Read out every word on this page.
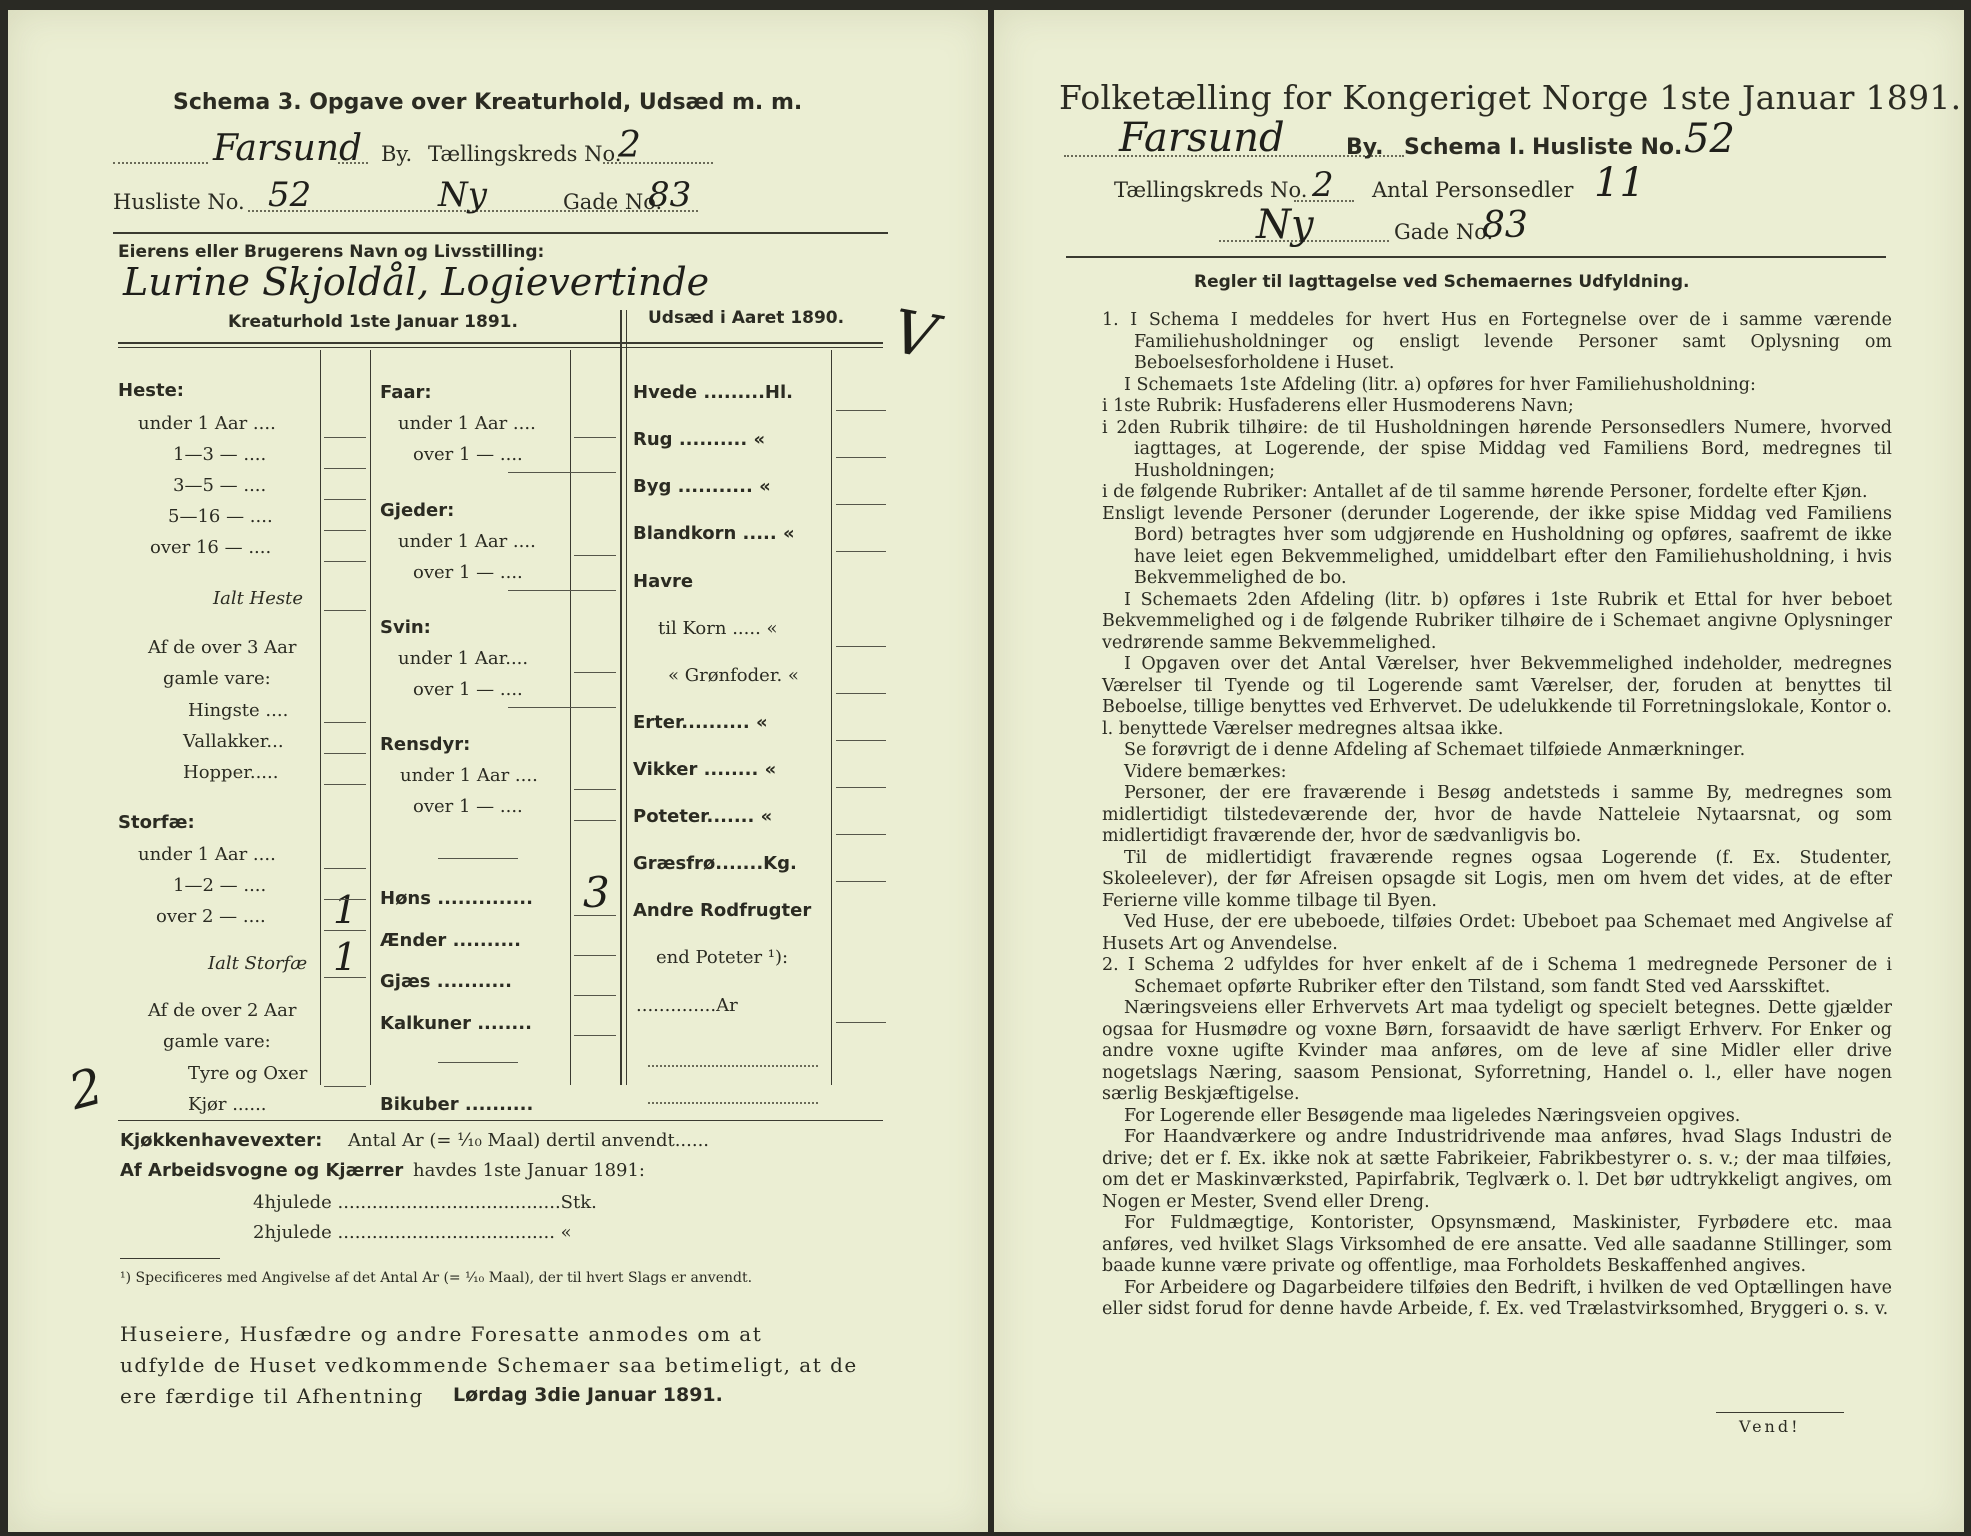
Schema 3. Opgave over Kreaturhold, Udsæd m. m.
Farsund By. Tællingskreds No.
2
Husliste No. 52	Ny	Gade No.
83
Eierens eller Brugerens Navn og Livsstilling:
Lurine Skjoldål, Logievertinde
Kreaturhold 1ste Januar 1891.	Udsæd i Aaret 1890. V
Heste:
under 1 Aar ....
1—3 — ....
3—5 — ....
5—16 — ....
over 16 — ....
Ialt Heste
Af de over 3 Aar
gamle vare:
Hingste ....
Vallakker...
Hopper.....
Storfæ:
under 1 Aar ....
1—2 — ....
over 2 — .... 1
Ialt Storfæ 1
Af de over 2 Aar
gamle vare:
Tyre og Oxer
Kjør ......
2
Faar:
under 1 Aar ....
over 1 — ....
Gjeder:
under 1 Aar ....
over 1 — ....
Svin:
under 1 Aar....
over 1 — ....
Rensdyr:
under 1 Aar ....
over 1 — ....
Høns .............. 3
Ænder ..........
Gjæs ...........
Kalkuner ........
Bikuber ..........
Hvede .........Hl.
Rug .......... «
Byg ........... «
Blandkorn ..... «
Havre
til Korn ..... «
« Grønfoder. «
Erter.......... «
Vikker ........ «
Poteter....... «
Græsfrø.......Kg.
Andre Rodfrugter
end Poteter ¹):
..............Ar
Kjøkkenhavevexter: Antal Ar (= ¹⁄₁₀ Maal) dertil anvendt......
Af Arbeidsvogne og Kjærrer havdes 1ste Januar 1891:
4hjulede .......................................Stk.
2hjulede ...................................... «
¹) Specificeres med Angivelse af det Antal Ar (= ¹⁄₁₀ Maal), der til hvert Slags er anvendt.
Huseiere, Husfædre og andre Foresatte anmodes om at
udfylde de Huset vedkommende Schemaer saa betimeligt, at de
ere færdige til Afhentning Lørdag 3die Januar 1891.
Folketælling for Kongeriget Norge 1ste Januar 1891.
Farsund	By. Schema I. Husliste No. 52
Tællingskreds No. 2 Antal Personsedler 11
Ny	Gade No.
83
Regler til Iagttagelse ved Schemaernes Udfyldning.

1. I Schema I meddeles for hvert Hus en Fortegnelse over de i samme værende Familiehusholdninger og ensligt levende Personer samt Oplysning om Beboelsesforholdene i Huset.

I Schemaets 1ste Afdeling (litr. a) opføres for hver Familiehusholdning:

i 1ste Rubrik: Husfaderens eller Husmoderens Navn;

i 2den Rubrik tilhøire: de til Husholdningen hørende Personsedlers Numere, hvorved iagttages, at Logerende, der spise Middag ved Familiens Bord, medregnes til Husholdningen;

i de følgende Rubriker: Antallet af de til samme hørende Personer, fordelte efter Kjøn.

Ensligt levende Personer (derunder Logerende, der ikke spise Middag ved Familiens Bord) betragtes hver som udgjørende en Husholdning og opføres, saafremt de ikke have leiet egen Bekvemmelighed, umiddelbart efter den Familiehusholdning, i hvis Bekvemmelighed de bo.

I Schemaets 2den Afdeling (litr. b) opføres i 1ste Rubrik et Ettal for hver beboet Bekvemmelighed og i de følgende Rubriker tilhøire de i Schemaet angivne Oplysninger vedrørende samme Bekvemmelighed.

I Opgaven over det Antal Værelser, hver Bekvemmelighed indeholder, medregnes Værelser til Tyende og til Logerende samt Værelser, der, foruden at benyttes til Beboelse, tillige benyttes ved Erhvervet. De udelukkende til Forretningslokale, Kontor o. l. benyttede Værelser medregnes altsaa ikke.

Se forøvrigt de i denne Afdeling af Schemaet tilføiede Anmærkninger.

Videre bemærkes:

Personer, der ere fraværende i Besøg andetsteds i samme By, medregnes som midlertidigt tilstedeværende der, hvor de havde Natteleie Nytaarsnat, og som midlertidigt fraværende der, hvor de sædvanligvis bo.

Til de midlertidigt fraværende regnes ogsaa Logerende (f. Ex. Studenter, Skoleelever), der før Afreisen opsagde sit Logis, men om hvem det vides, at de efter Ferierne ville komme tilbage til Byen.

Ved Huse, der ere ubeboede, tilføies Ordet: Ubeboet paa Schemaet med Angivelse af Husets Art og Anvendelse.

2. I Schema 2 udfyldes for hver enkelt af de i Schema 1 medregnede Personer de i Schemaet opførte Rubriker efter den Tilstand, som fandt Sted ved Aarsskiftet.

Næringsveiens eller Erhvervets Art maa tydeligt og specielt betegnes. Dette gjælder ogsaa for Husmødre og voxne Børn, forsaavidt de have særligt Erhverv. For Enker og andre voxne ugifte Kvinder maa anføres, om de leve af sine Midler eller drive nogetslags Næring, saasom Pensionat, Syforretning, Handel o. l., eller have nogen særlig Beskjæftigelse.

For Logerende eller Besøgende maa ligeledes Næringsveien opgives.

For Haandværkere og andre Industridrivende maa anføres, hvad Slags Industri de drive; det er f. Ex. ikke nok at sætte Fabrikeier, Fabrikbestyrer o. s. v.; der maa tilføies, om det er Maskinværksted, Papirfabrik, Teglværk o. l. Det bør udtrykkeligt angives, om Nogen er Mester, Svend eller Dreng.

For Fuldmægtige, Kontorister, Opsynsmænd, Maskinister, Fyrbødere etc. maa anføres, ved hvilket Slags Virksomhed de ere ansatte. Ved alle saadanne Stillinger, som baade kunne være private og offentlige, maa Forholdets Beskaffenhed angives.

For Arbeidere og Dagarbeidere tilføies den Bedrift, i hvilken de ved Optællingen have eller sidst forud for denne havde Arbeide, f. Ex. ved Trælastvirksomhed, Bryggeri o. s. v.

Vend!
